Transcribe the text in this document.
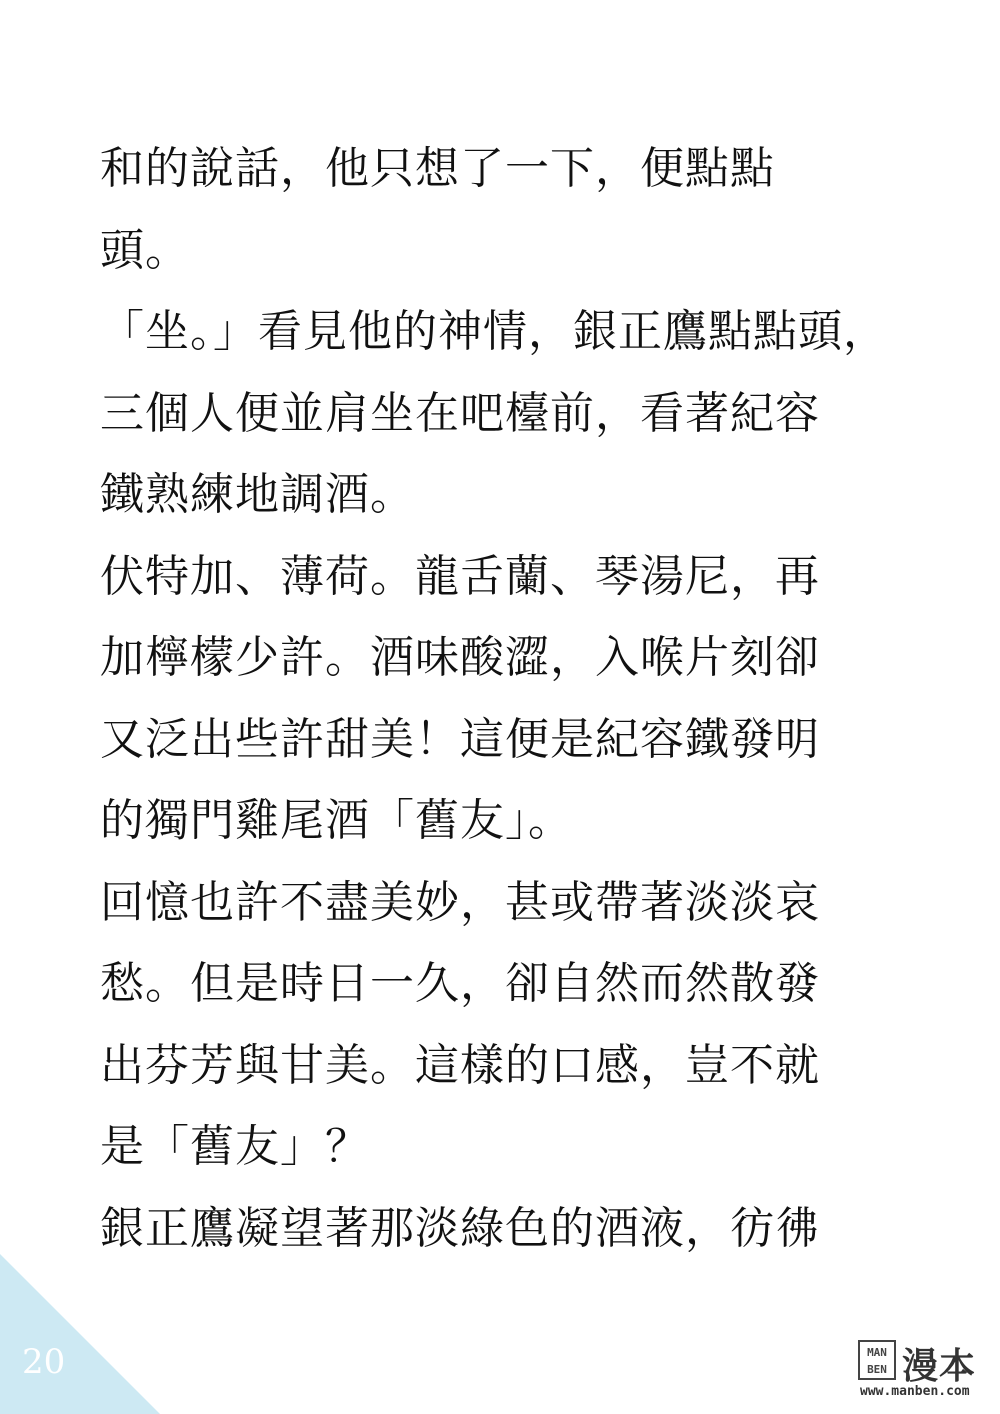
和的說話，他只想了一下，便點點
頭。
「坐。」看見他的神情，銀正鷹點點頭，
三個人便並肩坐在吧檯前，看著紀容
鐵熟練地調酒。
伏特加、薄荷。龍舌蘭、琴湯尼，再
加檸檬少許。酒味酸澀，入喉片刻卻
又泛出些許甜美！這便是紀容鐵發明
的獨門雞尾酒「舊友」。
回憶也許不盡美妙，甚或帶著淡淡哀
愁。但是時日一久，卻自然而然散發
出芬芳與甘美。這樣的口感，豈不就
是「舊友」？
銀正鷹凝望著那淡綠色的酒液，彷彿
20	MAN
BEN 漫本
www.manben.com
